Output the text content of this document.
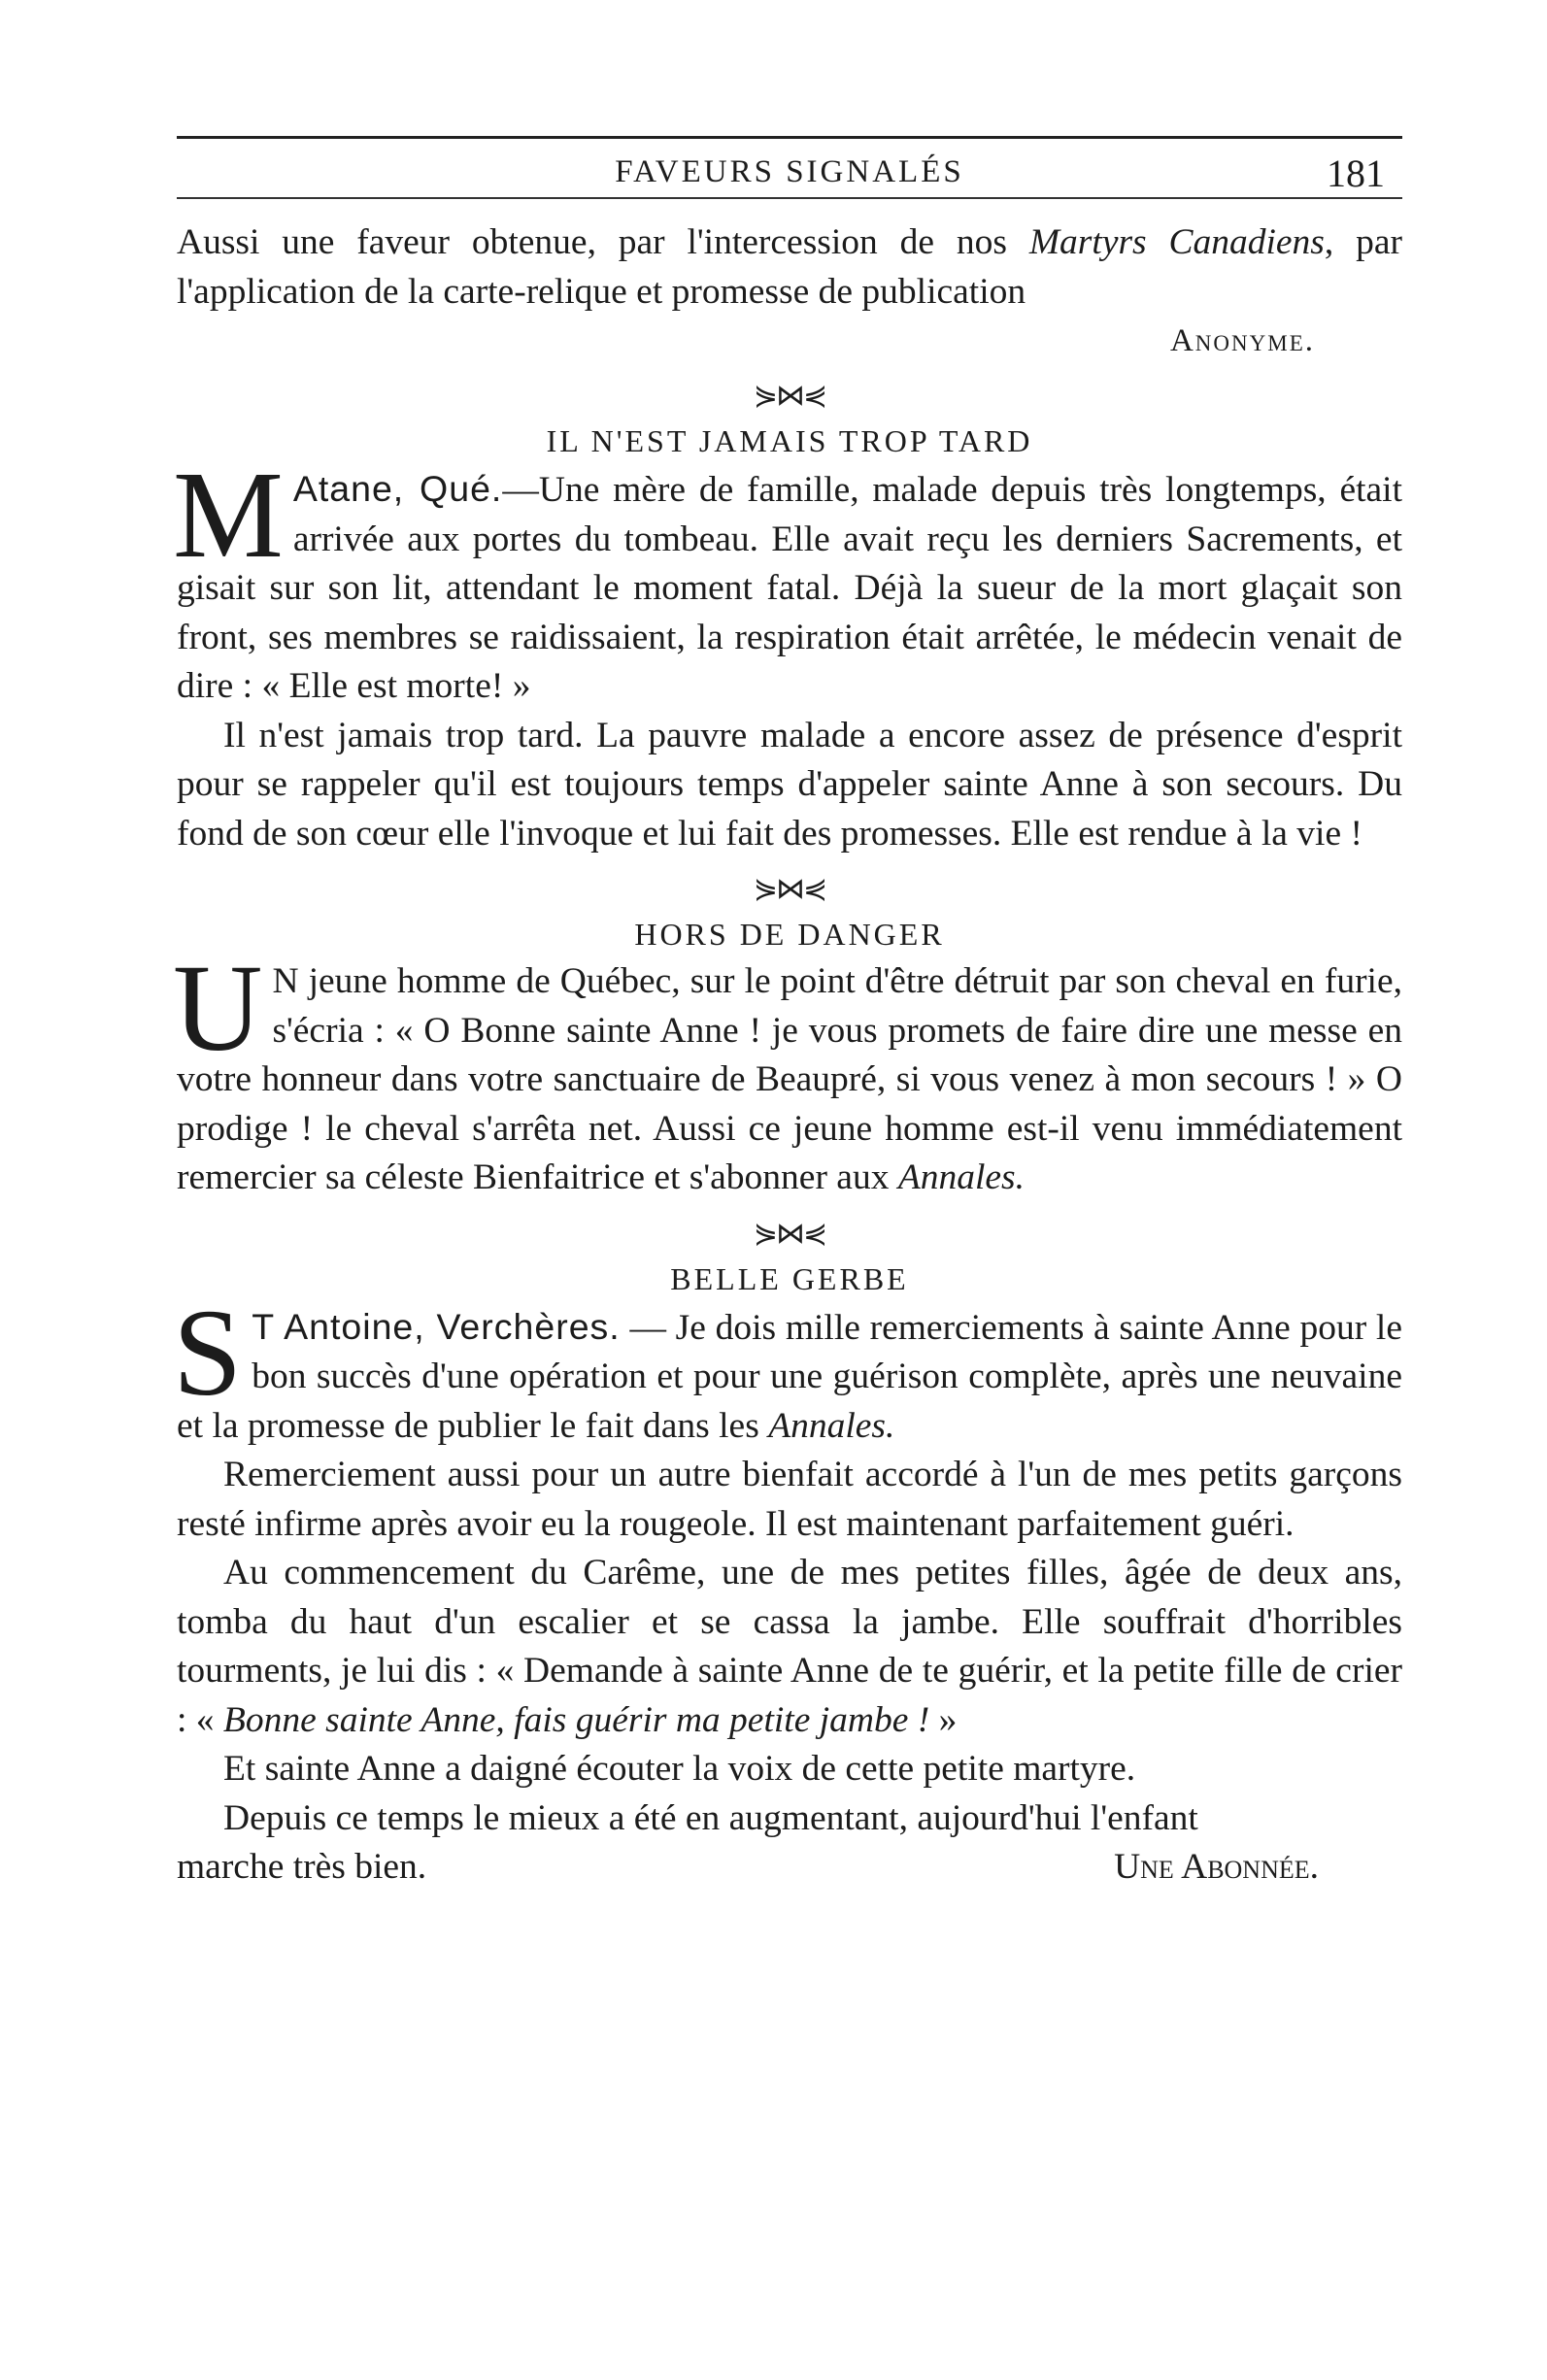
FAVEURS SIGNALÉS	181

Aussi une faveur obtenue, par l'intercession de nos Martyrs Canadiens, par l'application de la carte-relique et promesse de publication

Anonyme.
⋟⋈⋞
IL N'EST JAMAIS TROP TARD

M Atane, Qué.—Une mère de famille, malade depuis très longtemps, était arrivée aux portes du tombeau. Elle avait reçu les derniers Sacrements, et gisait sur son lit, attendant le moment fatal. Déjà la sueur de la mort glaçait son front, ses membres se raidissaient, la respiration était arrêtée, le médecin venait de dire : « Elle est morte! »

Il n'est jamais trop tard. La pauvre malade a encore assez de présence d'esprit pour se rappeler qu'il est toujours temps d'appeler sainte Anne à son secours. Du fond de son cœur elle l'invoque et lui fait des promesses. Elle est rendue à la vie !

⋟⋈⋞
HORS DE DANGER

U N jeune homme de Québec, sur le point d'être détruit par son cheval en furie, s'écria : « O Bonne sainte Anne ! je vous promets de faire dire une messe en votre honneur dans votre sanctuaire de Beaupré, si vous venez à mon secours ! » O prodige ! le cheval s'arrêta net. Aussi ce jeune homme est-il venu immédiatement remercier sa céleste Bienfaitrice et s'abonner aux Annales.

⋟⋈⋞
BELLE GERBE

S T Antoine, Verchères. — Je dois mille remerciements à sainte Anne pour le bon succès d'une opération et pour une guérison complète, après une neuvaine et la promesse de publier le fait dans les Annales.

Remerciement aussi pour un autre bienfait accordé à l'un de mes petits garçons resté infirme après avoir eu la rougeole. Il est maintenant parfaitement guéri.

Au commencement du Carême, une de mes petites filles, âgée de deux ans, tomba du haut d'un escalier et se cassa la jambe. Elle souffrait d'horribles tourments, je lui dis : « Demande à sainte Anne de te guérir, et la petite fille de crier : « Bonne sainte Anne, fais guérir ma petite jambe ! »

Et sainte Anne a daigné écouter la voix de cette petite martyre.

Depuis ce temps le mieux a été en augmentant, aujourd'hui l'enfant

marche très bien.	Une Abonnée.
